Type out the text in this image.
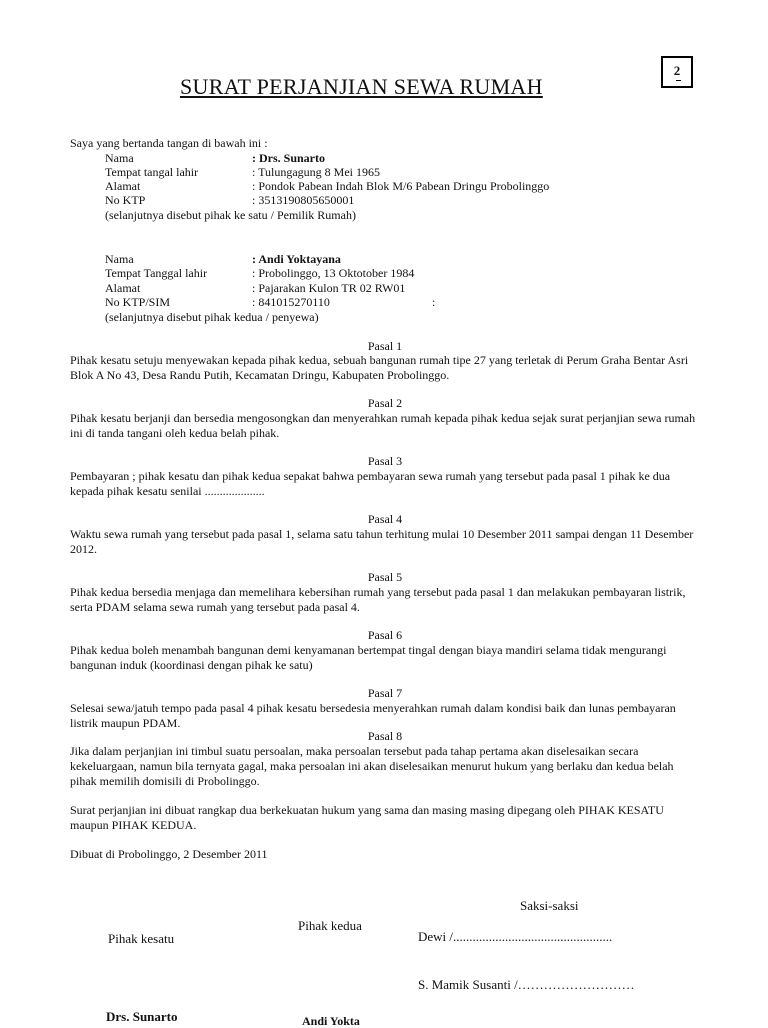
SURAT PERJANJIAN SEWA RUMAH
2
Saya yang bertanda tangan di bawah ini :
Nama	: Drs. Sunarto
Tempat tangal lahir	: Tulungagung 8 Mei 1965
Alamat	: Pondok Pabean Indah Blok M/6 Pabean Dringu Probolinggo
No KTP	: 3513190805650001
(selanjutnya disebut pihak ke satu / Pemilik Rumah)
Nama	: Andi Yoktayana
Tempat Tanggal lahir	: Probolinggo, 13 Oktotober 1984
Alamat	: Pajarakan Kulon TR 02 RW01
No KTP/SIM	: 841015270110	:
(selanjutnya disebut pihak kedua / penyewa)
Pasal 1
Pihak kesatu setuju menyewakan kepada pihak kedua, sebuah bangunan rumah tipe 27 yang terletak di Perum Graha Bentar Asri Blok A No 43, Desa Randu Putih, Kecamatan Dringu, Kabupaten Probolinggo.
Pasal 2
Pihak kesatu berjanji dan bersedia mengosongkan dan menyerahkan rumah kepada pihak kedua sejak surat perjanjian sewa rumah ini di tanda tangani oleh kedua belah pihak.
Pasal 3
Pembayaran ; pihak kesatu dan pihak kedua sepakat bahwa pembayaran sewa rumah yang tersebut pada pasal 1 pihak ke dua kepada pihak kesatu senilai ....................
Pasal 4
Waktu sewa rumah yang tersebut pada pasal 1, selama satu tahun terhitung mulai 10 Desember 2011 sampai dengan 11 Desember 2012.
Pasal 5
Pihak kedua bersedia menjaga dan memelihara kebersihan rumah yang tersebut pada pasal 1 dan melakukan pembayaran listrik, serta PDAM selama sewa rumah yang tersebut pada pasal 4.
Pasal 6
Pihak kedua boleh menambah bangunan demi kenyamanan bertempat tingal dengan biaya mandiri selama tidak mengurangi bangunan induk (koordinasi dengan pihak ke satu)
Pasal 7
Selesai sewa/jatuh tempo pada pasal 4 pihak kesatu bersedesia menyerahkan rumah dalam kondisi baik dan lunas pembayaran listrik maupun PDAM.
Pasal 8
Jika dalam perjanjian ini timbul suatu persoalan, maka persoalan tersebut pada tahap pertama akan diselesaikan secara kekeluargaan, namun bila ternyata gagal, maka persoalan ini akan diselesaikan menurut hukum yang berlaku dan kedua belah pihak memilih domisili di Probolinggo.
Surat perjanjian ini dibuat rangkap dua berkekuatan hukum yang sama dan masing masing dipegang oleh PIHAK KESATU maupun PIHAK KEDUA.
Dibuat di Probolinggo, 2 Desember 2011
Saksi-saksi
Pihak kedua
Dewi /.................................................
Pihak kesatu
S. Mamik Susanti /………………………
Drs. Sunarto	Andi Yokta
